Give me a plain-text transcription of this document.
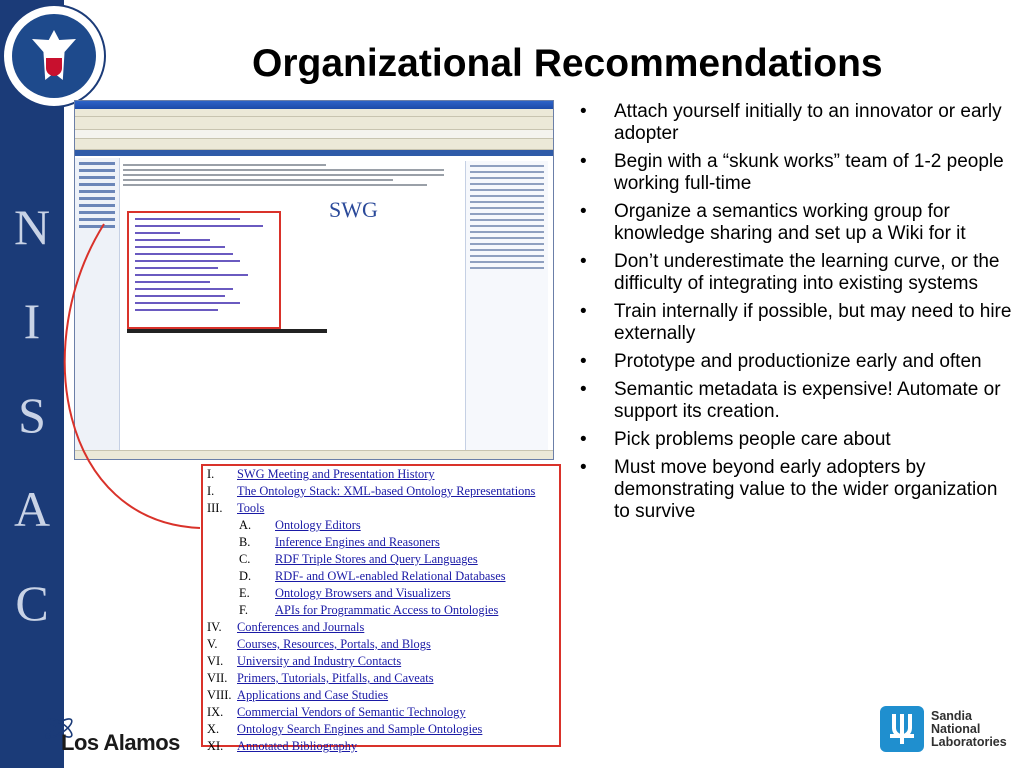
N
I
S
A
C
Organizational Recommendations
SWG
I. SWG Meeting and Presentation History
I. The Ontology Stack: XML-based Ontology Representations
III. Tools
A. Ontology Editors
B. Inference Engines and Reasoners
C. RDF Triple Stores and Query Languages
D. RDF- and OWL-enabled Relational Databases
E. Ontology Browsers and Visualizers
F. APIs for Programmatic Access to Ontologies
IV. Conferences and Journals
V. Courses, Resources, Portals, and Blogs
VI. University and Industry Contacts
VII. Primers, Tutorials, Pitfalls, and Caveats
VIII. Applications and Case Studies
IX. Commercial Vendors of Semantic Technology
X. Ontology Search Engines and Sample Ontologies
XI. Annotated Bibliography
• Attach yourself initially to an innovator or early adopter
• Begin with a “skunk works” team of 1-2 people working full-time
• Organize a semantics working group for knowledge sharing and set up a Wiki for it
• Don’t underestimate the learning curve, or the difficulty of integrating into existing systems
• Train internally if possible, but may need to hire externally
• Prototype and productionize early and often
• Semantic metadata is expensive! Automate or support its creation.
• Pick problems people care about
• Must move beyond early adopters by demonstrating value to the wider organization to survive
Los Alamos
Sandia
National
Laboratories
